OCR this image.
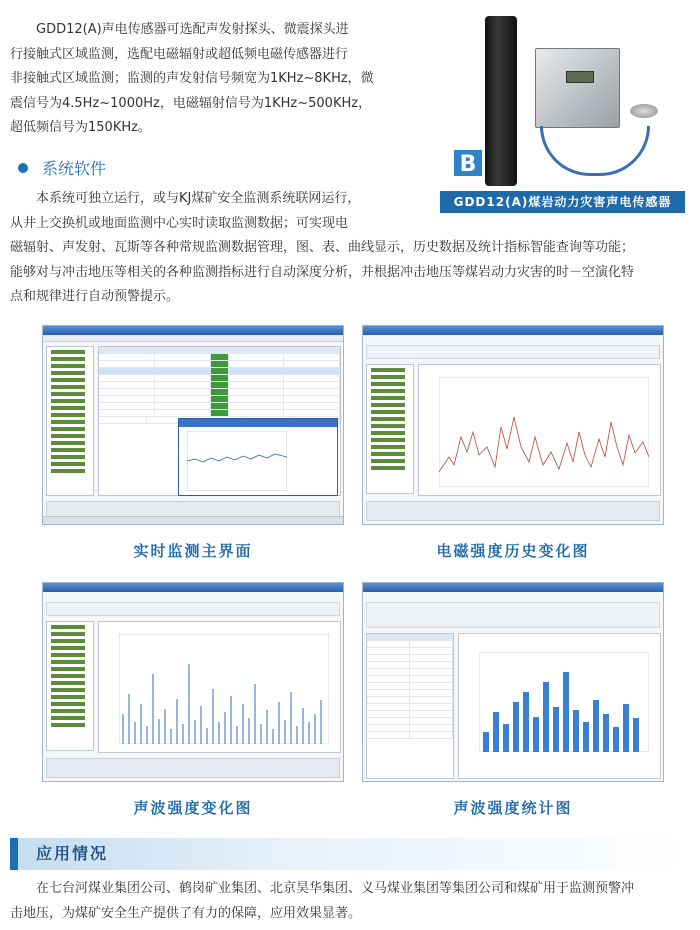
GDD12(A)声电传感器可选配声发射探头、微震探头进

行接触式区域监测，选配电磁辐射或超低频电磁传感器进行
非接触式区域监测；监测的声发射信号频宽为1KHz~8KHz，微
震信号为4.5Hz~1000Hz，电磁辐射信号为1KHz~500KHz，
超低频信号为150KHz。
B
GDD12(A)煤岩动力灾害声电传感器
系统软件
本系统可独立运行，或与KJ煤矿安全监测系统联网运行，
从井上交换机或地面监测中心实时读取监测数据；可实现电
磁辐射、声发射、瓦斯等各种常规监测数据管理，图、表、曲线显示，历史数据及统计指标智能查询等功能；
能够对与冲击地压等相关的各种监测指标进行自动深度分析，并根据冲击地压等煤岩动力灾害的时－空演化特
点和规律进行自动预警提示。
实时监测主界面	电磁强度历史变化图
声波强度变化图	声波强度统计图
应用情况

在七台河煤业集团公司、鹤岗矿业集团、北京昊华集团、义马煤业集团等集团公司和煤矿用于监测预警冲

击地压，为煤矿安全生产提供了有力的保障，应用效果显著。
